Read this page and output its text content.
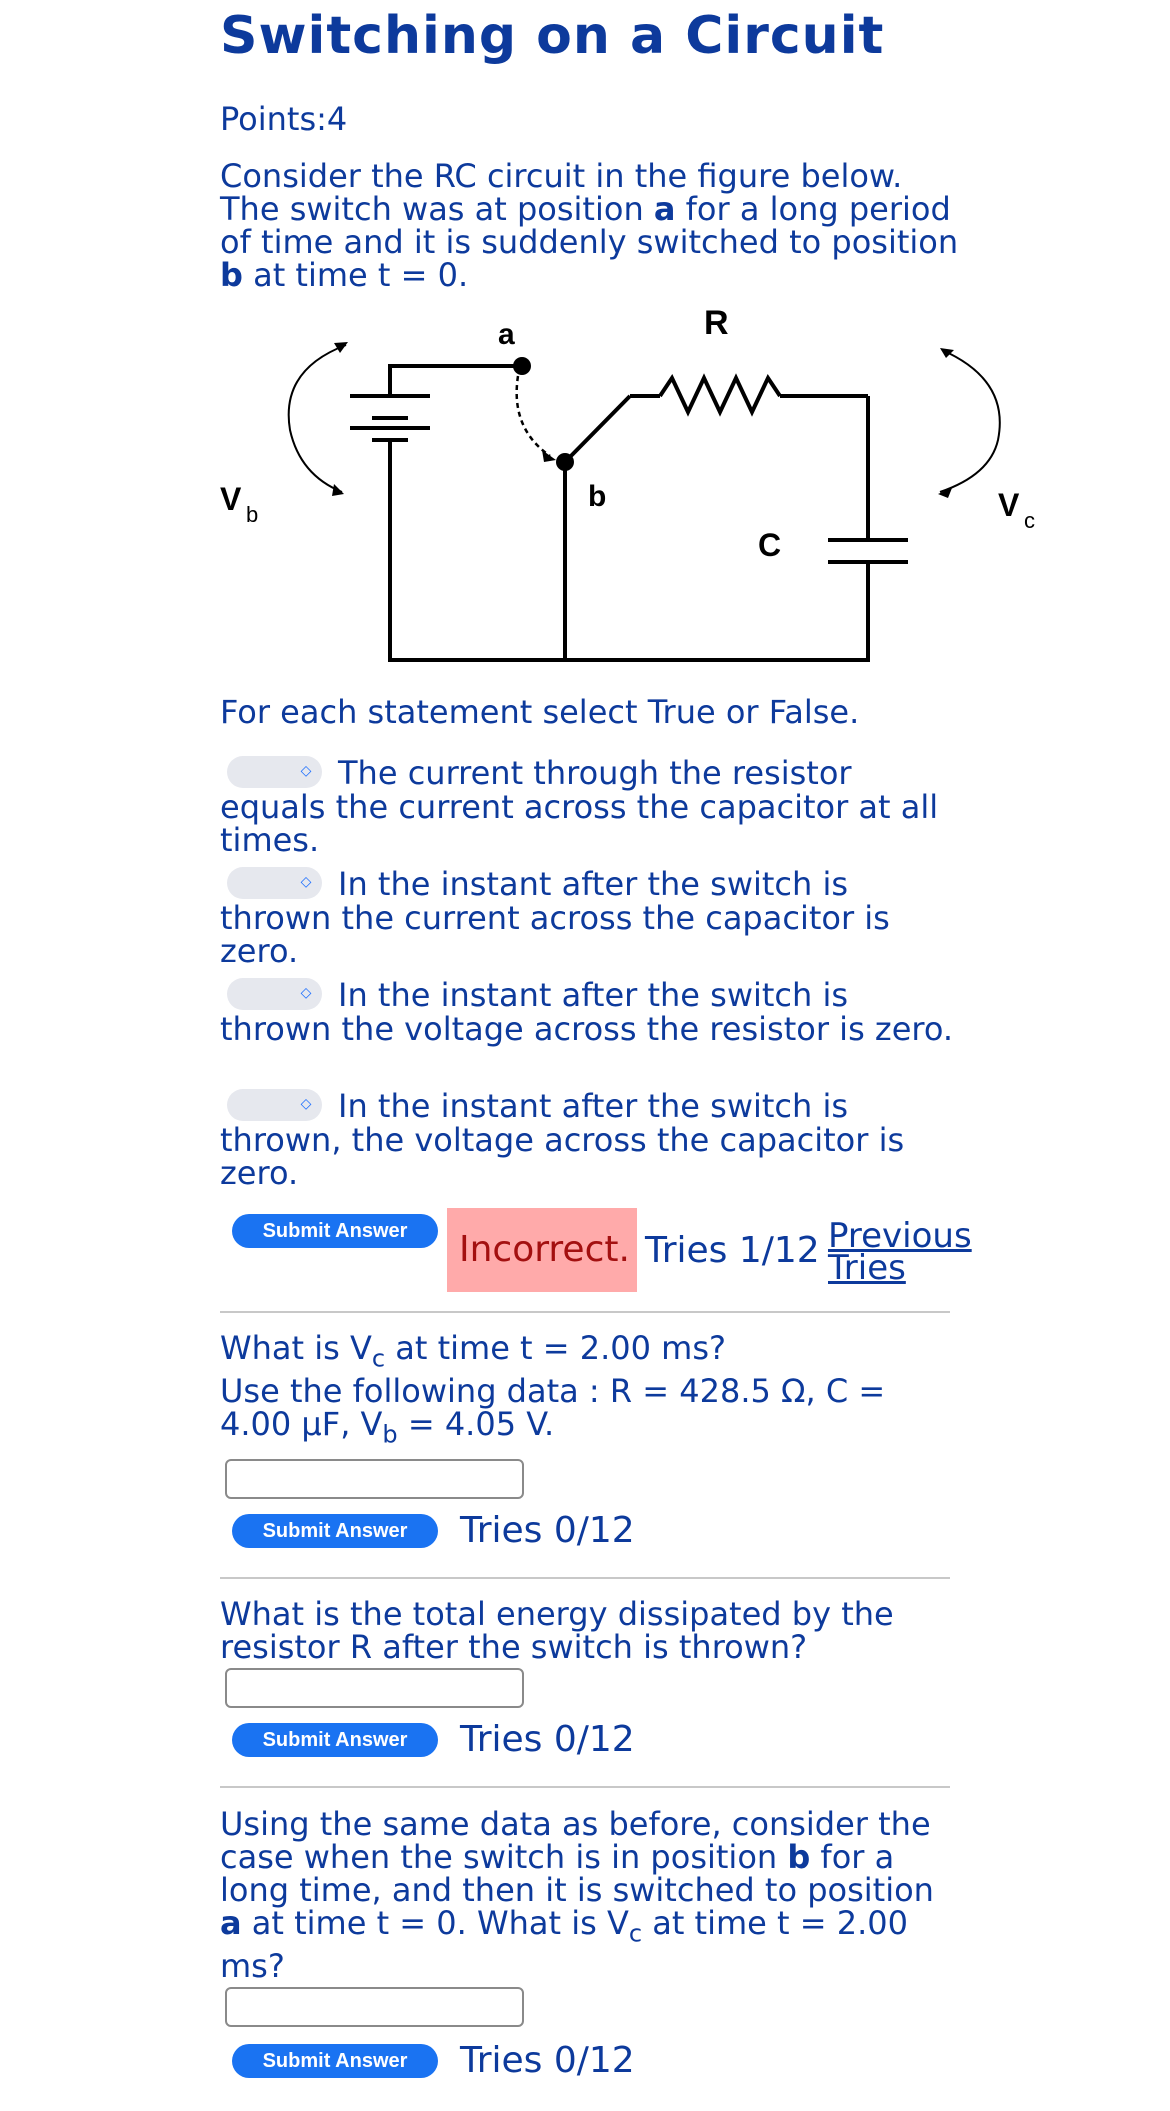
Switching on a Circuit
Points:4
Consider the RC circuit in the figure below. The switch was at position a for a long period of time and it is suddenly switched to position b at time t = 0.
a
b
R
C
V b	V c
For each statement select True or False.
◇ The current through the resistor equals the current across the capacitor at all times.
◇ In the instant after the switch is thrown the current across the capacitor is zero.
◇ In the instant after the switch is thrown the voltage across the resistor is zero.
◇ In the instant after the switch is thrown, the voltage across the capacitor is zero.
Submit Answer	Incorrect. Tries 1/12 Previous Tries
What is $V_c$ at time t = 2.00 ms?
Use the following data : R = 428.5 Ω, C = 4.00 μF, $V_b = 4.05$ V.
Submit Answer	Tries 0/12
What is the total energy dissipated by the resistor R after the switch is thrown?
Submit Answer	Tries 0/12
Using the same data as before, consider the case when the switch is in position b for a long time, and then it is switched to position a at time t = 0. What is $V_c$ at time t = 2.00 ms?
Submit Answer	Tries 0/12
